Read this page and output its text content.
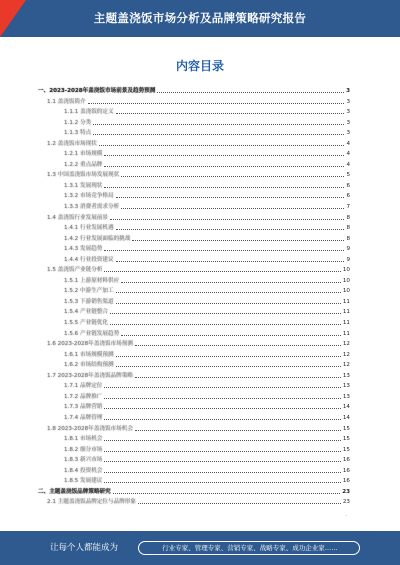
主题盖浇饭市场分析及品牌策略研究报告
内容目录
一、2023-2028年盖浇饭市场前景及趋势预测	3
1.1 盖浇饭简介	3
1.1.1 盖浇饭的定义	3
1.1.2 分类	3
1.1.3 特点	3
1.2 盖浇饭市场现状	4
1.2.1 市场规模	4
1.2.2 重点品牌	4
1.3 中国盖浇饭市场发展现状	5
1.3.1 发展现状	6
1.3.2 市场竞争格局	6
1.3.3 消费者需求分析	7
1.4 盖浇饭行业发展前景	8
1.4.1 行业发展机遇	8
1.4.2 行业发展面临的挑战	8
1.4.3 发展趋势	9
1.4.4 行业投资建议	9
1.5 盖浇饭产业链分析	10
1.5.1 上游原材料供应	10
1.5.2 中游生产加工	10
1.5.3 下游销售渠道	11
1.5.4 产业链整合	11
1.5.5 产业链优化	11
1.5.6 产业链发展趋势	11
1.6 2023-2028年盖浇饭市场预测	12
1.6.1 市场规模预测	12
1.6.2 市场结构预测	12
1.7 2023-2028年盖浇饭品牌策略	13
1.7.1 品牌定位	13
1.7.2 品牌推广	13
1.7.3 品牌营销	14
1.7.4 品牌管理	14
1.8 2023-2028年盖浇饭市场机会	15
1.8.1 市场机会	15
1.8.2 细分市场	15
1.8.3 新兴市场	16
1.8.4 投资机会	16
1.8.5 发展建议	16
二、主题盖浇饭品牌策略研究	23
2.1 主题盖浇饭品牌定位与品牌形象	23
·
让每个人都能成为	行业专家、管理专家、营销专家、战略专家、成功企业家……
